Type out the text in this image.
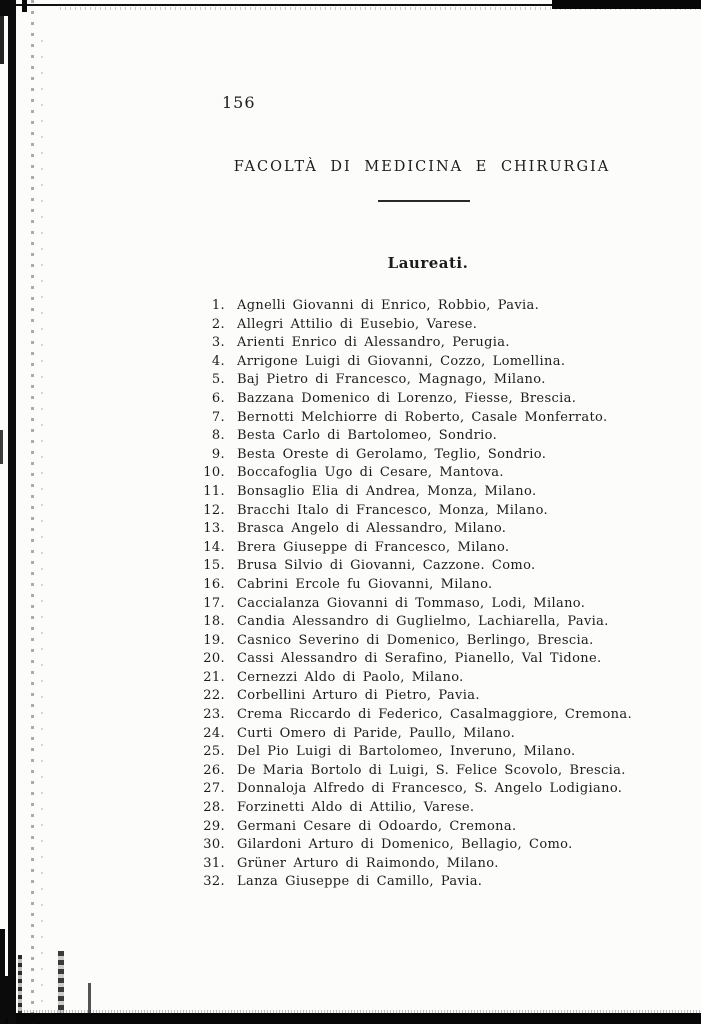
156
FACOLTÀ DI MEDICINA E CHIRURGIA
Laureati.
1. Agnelli Giovanni di Enrico, Robbio, Pavia.
2. Allegri Attilio di Eusebio, Varese.
3. Arienti Enrico di Alessandro, Perugia.
4. Arrigone Luigi di Giovanni, Cozzo, Lomellina.
5. Baj Pietro di Francesco, Magnago, Milano.
6. Bazzana Domenico di Lorenzo, Fiesse, Brescia.
7. Bernotti Melchiorre di Roberto, Casale Monferrato.
8. Besta Carlo di Bartolomeo, Sondrio.
9. Besta Oreste di Gerolamo, Teglio, Sondrio.
10. Boccafoglia Ugo di Cesare, Mantova.
11. Bonsaglio Elia di Andrea, Monza, Milano.
12. Bracchi Italo di Francesco, Monza, Milano.
13. Brasca Angelo di Alessandro, Milano.
14. Brera Giuseppe di Francesco, Milano.
15. Brusa Silvio di Giovanni, Cazzone. Como.
16. Cabrini Ercole fu Giovanni, Milano.
17. Caccialanza Giovanni di Tommaso, Lodi, Milano.
18. Candia Alessandro di Guglielmo, Lachiarella, Pavia.
19. Casnico Severino di Domenico, Berlingo, Brescia.
20. Cassi Alessandro di Serafino, Pianello, Val Tidone.
21. Cernezzi Aldo di Paolo, Milano.
22. Corbellini Arturo di Pietro, Pavia.
23. Crema Riccardo di Federico, Casalmaggiore, Cremona.
24. Curti Omero di Paride, Paullo, Milano.
25. Del Pio Luigi di Bartolomeo, Inveruno, Milano.
26. De Maria Bortolo di Luigi, S. Felice Scovolo, Brescia.
27. Donnaloja Alfredo di Francesco, S. Angelo Lodigiano.
28. Forzinetti Aldo di Attilio, Varese.
29. Germani Cesare di Odoardo, Cremona.
30. Gilardoni Arturo di Domenico, Bellagio, Como.
31. Grüner Arturo di Raimondo, Milano.
32. Lanza Giuseppe di Camillo, Pavia.
